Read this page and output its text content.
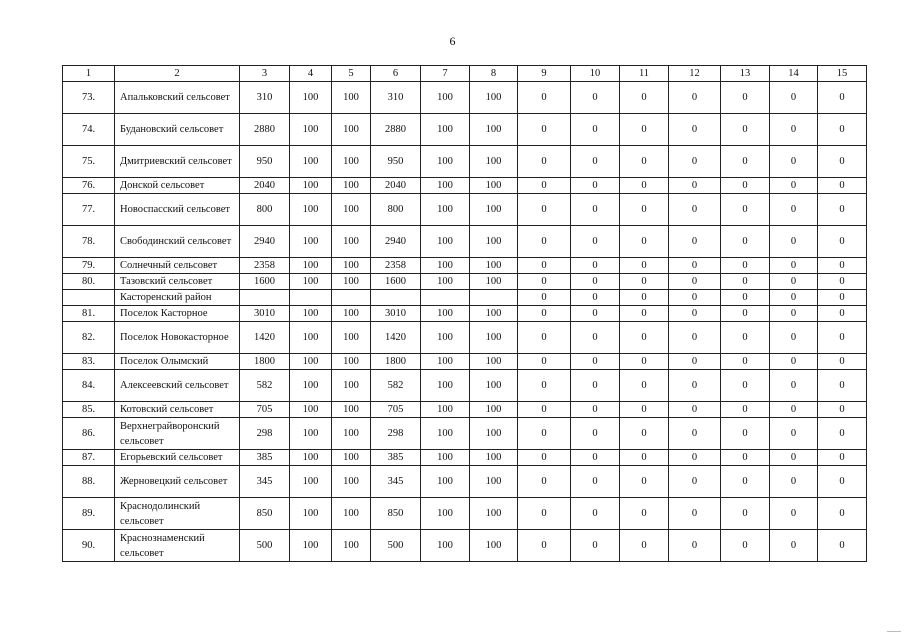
6
1	2	3	4	5	6	7	8	9	10	11	12	13	14	15
73.	Апальковский сельсовет	310	100	100	310	100	100	0	0	0	0	0	0	0
74.	Будановский сельсовет	2880	100	100	2880	100	100	0	0	0	0	0	0	0
75.	Дмитриевский сельсовет	950	100	100	950	100	100	0	0	0	0	0	0	0
76.	Донской сельсовет	2040	100	100	2040	100	100	0	0	0	0	0	0	0
77.	Новоспасский сельсовет	800	100	100	800	100	100	0	0	0	0	0	0	0
78.	Свободинский сельсовет	2940	100	100	2940	100	100	0	0	0	0	0	0	0
79.	Солнечный сельсовет	2358	100	100	2358	100	100	0	0	0	0	0	0	0
80.	Тазовский сельсовет	1600	100	100	1600	100	100	0	0	0	0	0	0	0
	Касторенский район							0	0	0	0	0	0	0
81.	Поселок Касторное	3010	100	100	3010	100	100	0	0	0	0	0	0	0
82.	Поселок Новокасторное	1420	100	100	1420	100	100	0	0	0	0	0	0	0
83.	Поселок Олымский	1800	100	100	1800	100	100	0	0	0	0	0	0	0
84.	Алексеевский сельсовет	582	100	100	582	100	100	0	0	0	0	0	0	0
85.	Котовский сельсовет	705	100	100	705	100	100	0	0	0	0	0	0	0
86.	Верхнеграйворонский сельсовет	298	100	100	298	100	100	0	0	0	0	0	0	0
87.	Егорьевский сельсовет	385	100	100	385	100	100	0	0	0	0	0	0	0
88.	Жерновецкий сельсовет	345	100	100	345	100	100	0	0	0	0	0	0	0
89.	Краснодолинский сельсовет	850	100	100	850	100	100	0	0	0	0	0	0	0
90.	Краснознаменский сельсовет	500	100	100	500	100	100	0	0	0	0	0	0	0
